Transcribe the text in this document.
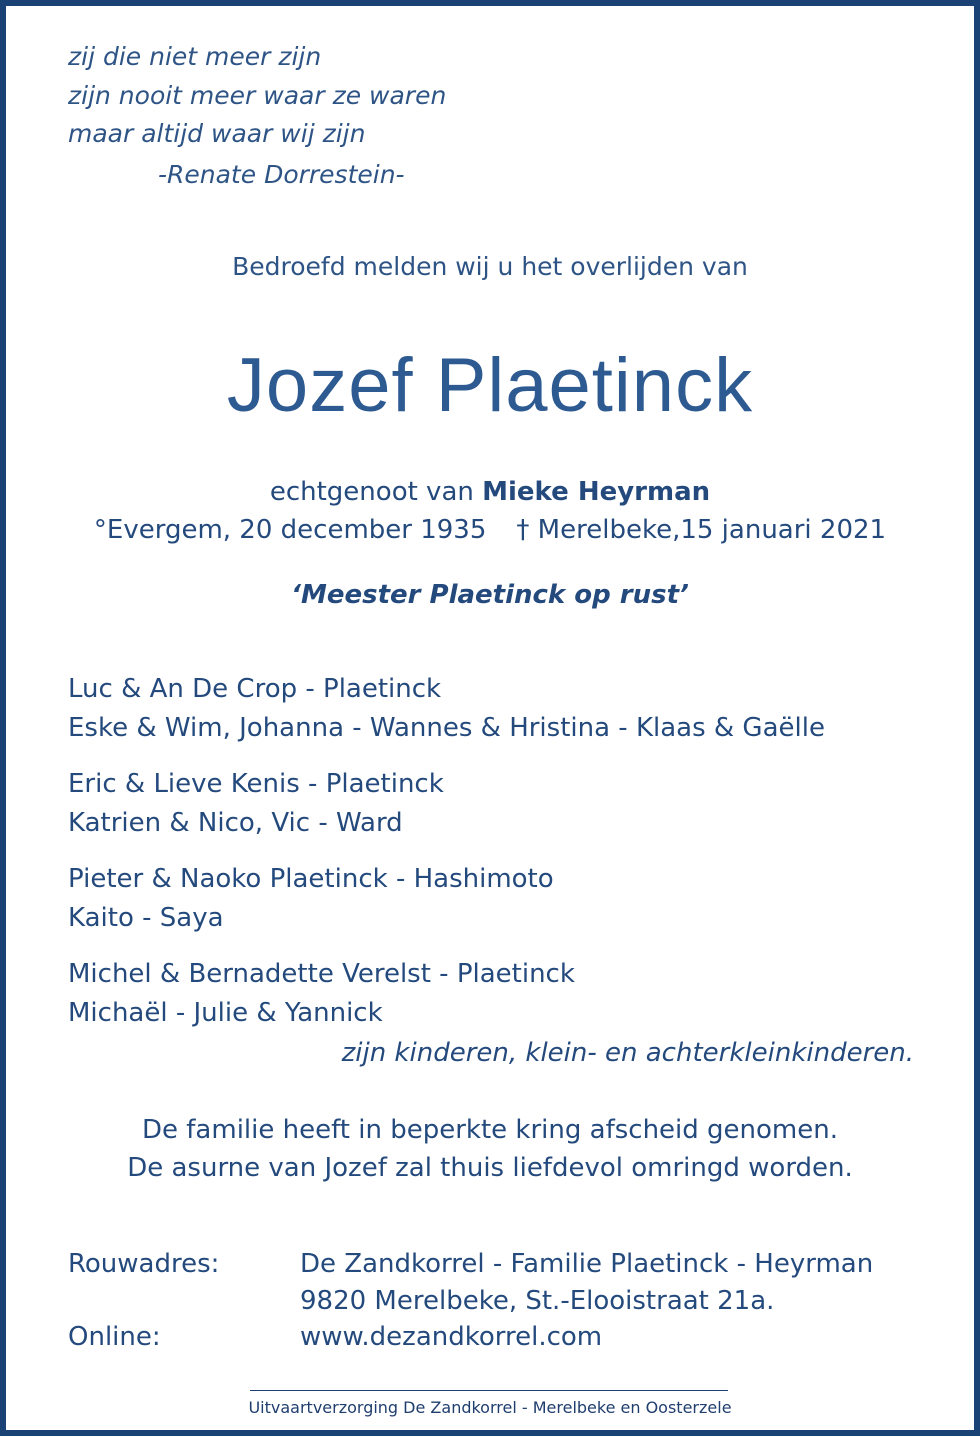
zij die niet meer zijn
zijn nooit meer waar ze waren
maar altijd waar wij zijn
-Renate Dorrestein-
Bedroefd melden wij u het overlijden van
Jozef Plaetinck
echtgenoot van Mieke Heyrman
°Evergem, 20 december 1935 † Merelbeke,15 januari 2021
‘Meester Plaetinck op rust’
Luc & An De Crop - Plaetinck
Eske & Wim, Johanna - Wannes & Hristina - Klaas & Gaëlle
Eric & Lieve Kenis - Plaetinck
Katrien & Nico, Vic - Ward
Pieter & Naoko Plaetinck - Hashimoto
Kaito - Saya
Michel & Bernadette Verelst - Plaetinck
Michaël - Julie & Yannick
zijn kinderen, klein- en achterkleinkinderen.
De familie heeft in beperkte kring afscheid genomen.
De asurne van Jozef zal thuis liefdevol omringd worden.
Rouwadres:	De Zandkorrel - Familie Plaetinck - Heyrman
9820 Merelbeke, St.-Elooistraat 21a.
Online:	www.dezandkorrel.com
Uitvaartverzorging De Zandkorrel - Merelbeke en Oosterzele
